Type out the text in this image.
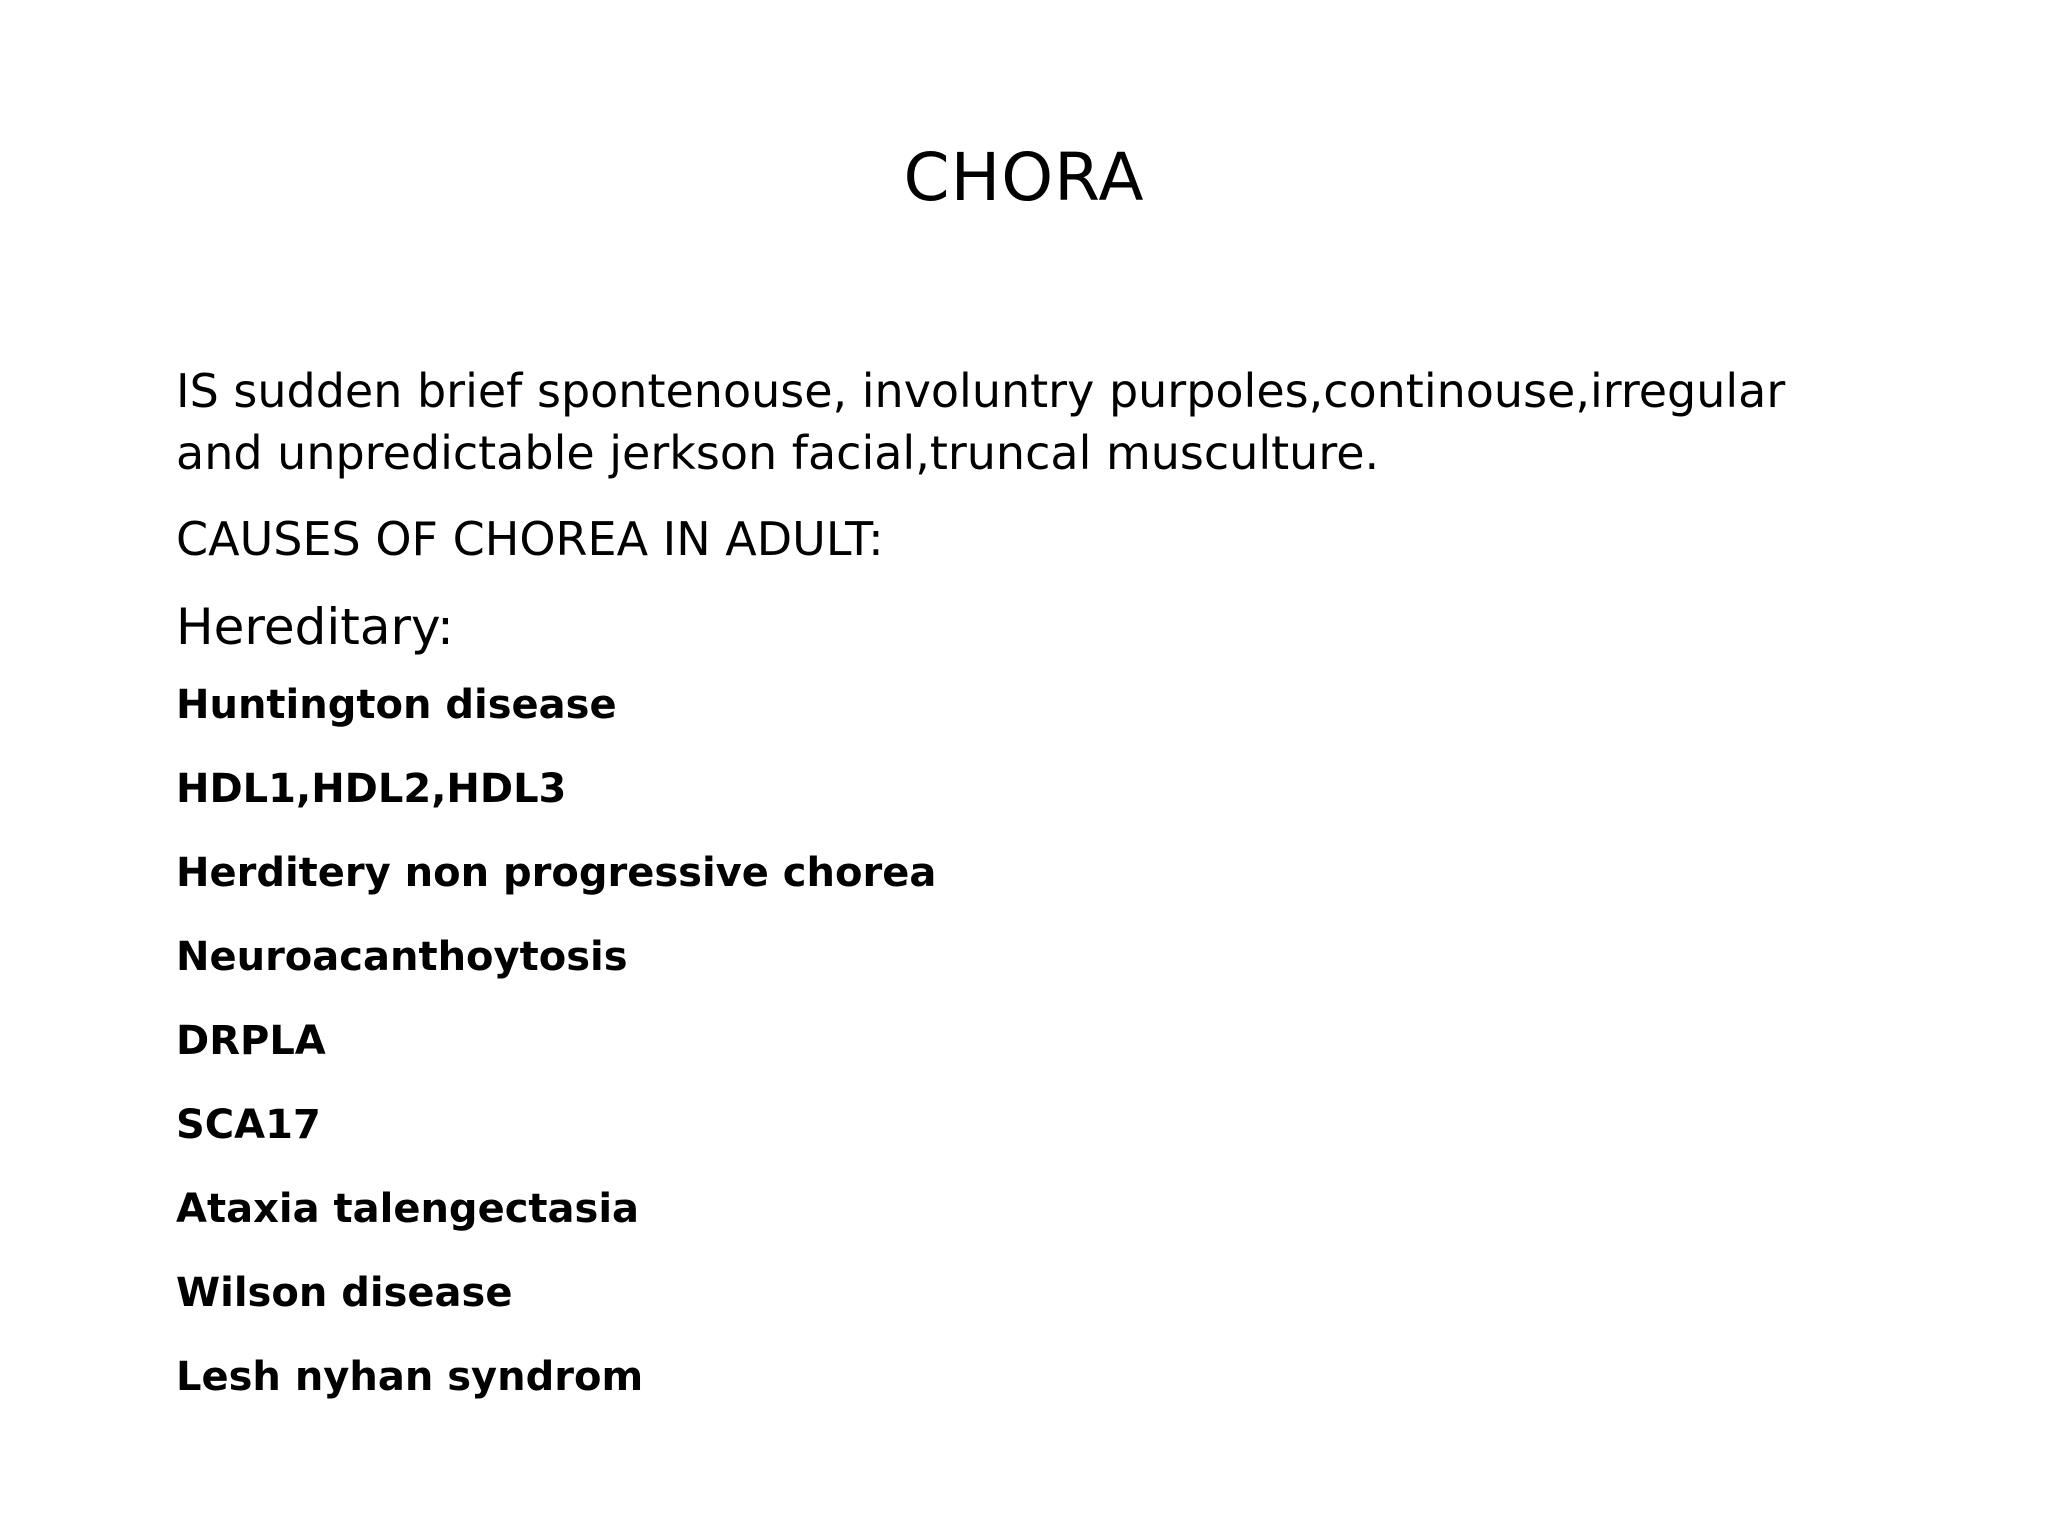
CHORA
IS sudden brief spontenouse, involuntry purpoles,continouse,irregular
and unpredictable jerkson facial,truncal musculture.
CAUSES OF CHOREA IN ADULT:
Hereditary:
Huntington disease
HDL1,HDL2,HDL3
Herditery non progressive chorea
Neuroacanthoytosis
DRPLA
SCA17
Ataxia talengectasia
Wilson disease
Lesh nyhan syndrom
